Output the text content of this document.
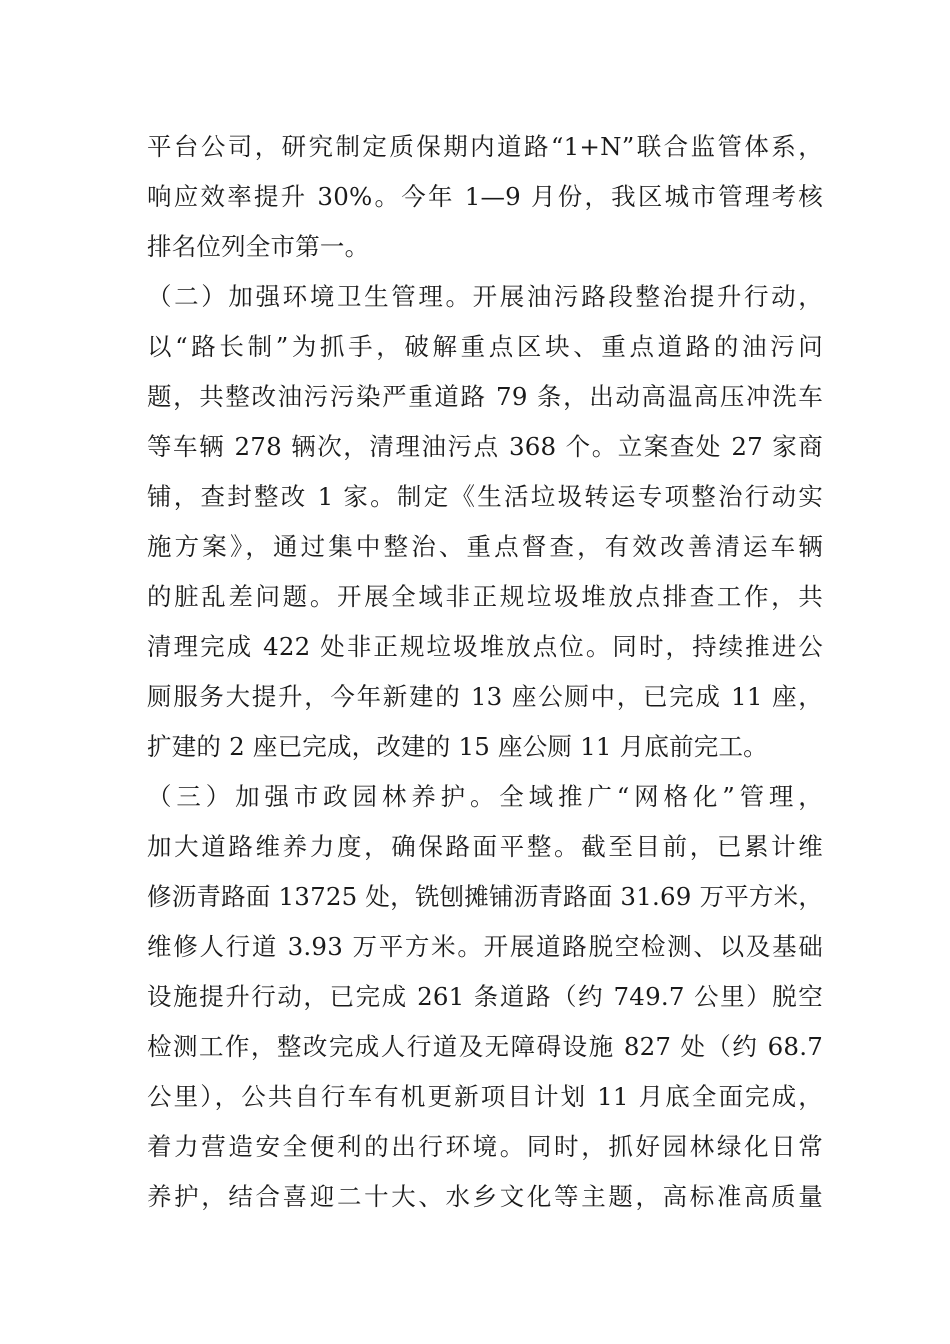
平台公司，研究制定质保期内道路“1+N”联合监管体系，
响应效率提升 30%。今年 1—9 月份，我区城市管理考核
排名位列全市第一。
（二）加强环境卫生管理。开展油污路段整治提升行动，
以“路长制”为抓手，破解重点区块、重点道路的油污问
题，共整改油污污染严重道路 79 条，出动高温高压冲洗车
等车辆 278 辆次，清理油污点 368 个。立案查处 27 家商
铺，查封整改 1 家。制定《生活垃圾转运专项整治行动实
施方案》，通过集中整治、重点督查，有效改善清运车辆
的脏乱差问题。开展全域非正规垃圾堆放点排查工作，共
清理完成 422 处非正规垃圾堆放点位。同时，持续推进公
厕服务大提升，今年新建的 13 座公厕中，已完成 11 座，
扩建的 2 座已完成，改建的 15 座公厕 11 月底前完工。
（三）加强市政园林养护。全域推广“网格化”管理，
加大道路维养力度，确保路面平整。截至目前，已累计维
修沥青路面 13725 处，铣刨摊铺沥青路面 31.69 万平方米，
维修人行道 3.93 万平方米。开展道路脱空检测、以及基础
设施提升行动，已完成 261 条道路（约 749.7 公里）脱空
检测工作，整改完成人行道及无障碍设施 827 处（约 68.7
公里），公共自行车有机更新项目计划 11 月底全面完成，
着力营造安全便利的出行环境。同时，抓好园林绿化日常
养护，结合喜迎二十大、水乡文化等主题，高标准高质量
